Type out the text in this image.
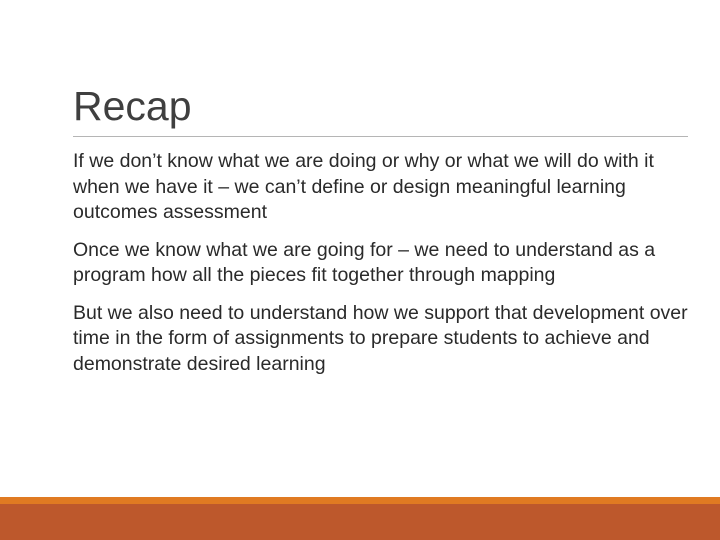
Recap
If we don’t know what we are doing or why or what we will do with it when we have it – we can’t define or design meaningful learning outcomes assessment
Once we know what we are going for – we need to understand as a program how all the pieces fit together through mapping
But we also need to understand how we support that development over time in the form of assignments to prepare students to achieve and demonstrate desired learning
